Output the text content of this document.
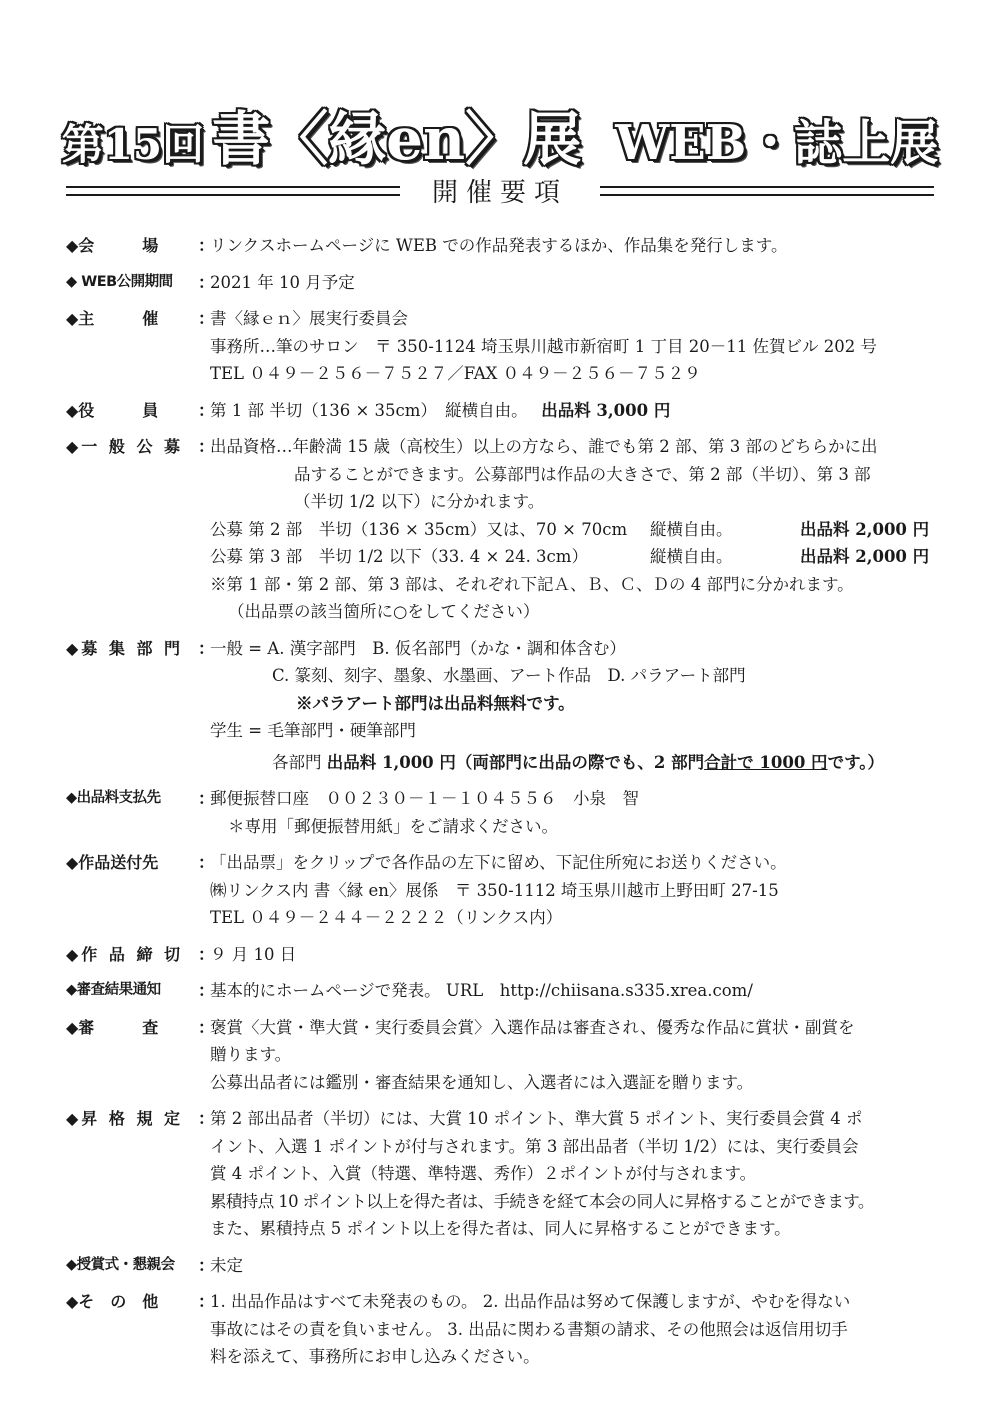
第15回 書〈縁en〉展 WEB・誌上展
開催要項
◆会　　　場 ：
リンクスホームページに WEB での作品発表するほか、作品集を発行します。
◆ WEB公開期間 ：
2021 年 10 月予定
◆主　　　催 ：
書〈縁ｅｎ〉展実行委員会
事務所…筆のサロン　〒 350-1124 埼玉県川越市新宿町 1 丁目 20－11 佐賀ビル 202 号
TEL ０４９－２５６－７５２７／FAX ０４９－２５６－７５２９
◆役　　　員 ：
第 1 部 半切（136 × 35cm）　縦横自由。　 出品料 3,000 円
◆一 般 公 募 ：
出品資格…年齢満 15 歳（高校生）以上の方なら、誰でも第 2 部、第 3 部のどちらかに出
品することができます。公募部門は作品の大きさで、第 2 部（半切）、第 3 部
（半切 1/2 以下）に分かれます。
公募 第 2 部　半切（136 × 35cm）又は、70 × 70cm 縦横自由。	出品料 2,000 円
公募 第 3 部　半切 1/2 以下（33. 4 × 24. 3cm）	縦横自由。	出品料 2,000 円
※第 1 部・第 2 部、第 3 部は、それぞれ下記Ａ、Ｂ、Ｃ、Ｄの 4 部門に分かれます。
（出品票の該当箇所に○をしてください）
◆募 集 部 門 ：
一般 = A. 漢字部門　B. 仮名部門（かな・調和体含む）
C. 篆刻、刻字、墨象、水墨画、アート作品　D. パラアート部門
※パラアート部門は出品料無料です。
学生 = 毛筆部門・硬筆部門
各部門 出品料 1,000 円（両部門に出品の際でも、2 部門合計で 1000 円です。）
◆出品料支払先 ：
郵便振替口座　００２３０－１－１０４５５６　小泉　智
＊専用「郵便振替用紙」をご請求ください。
◆作品送付先 ：
「出品票」をクリップで各作品の左下に留め、下記住所宛にお送りください。
㈱リンクス内 書〈縁 en〉展係　〒 350-1112 埼玉県川越市上野田町 27-15
TEL ０４９－２４４－２２２２（リンクス内）
◆作 品 締 切 ：
９ 月 10 日
◆審査結果通知 ：
基本的にホームページで発表。 URL　http://chiisana.s335.xrea.com/
◆審　　　査 ：
褒賞〈大賞・準大賞・実行委員会賞〉入選作品は審査され、優秀な作品に賞状・副賞を
贈ります。
公募出品者には鑑別・審査結果を通知し、入選者には入選証を贈ります。
◆昇 格 規 定 ：
第 2 部出品者（半切）には、大賞 10 ポイント、準大賞 5 ポイント、実行委員会賞 4 ポ
イント、入選 1 ポイントが付与されます。第 3 部出品者（半切 1/2）には、実行委員会
賞 4 ポイント、入賞（特選、準特選、秀作）２ポイントが付与されます。
累積持点 10 ポイント以上を得た者は、手続きを経て本会の同人に昇格することができます。
また、累積持点 5 ポイント以上を得た者は、同人に昇格することができます。
◆授賞式・懇親会 ：
未定
◆そ　の　他 ：
1. 出品作品はすべて未発表のもの。 2. 出品作品は努めて保護しますが、やむを得ない
事故にはその責を負いません。 3. 出品に関わる書類の請求、その他照会は返信用切手
料を添えて、事務所にお申し込みください。
